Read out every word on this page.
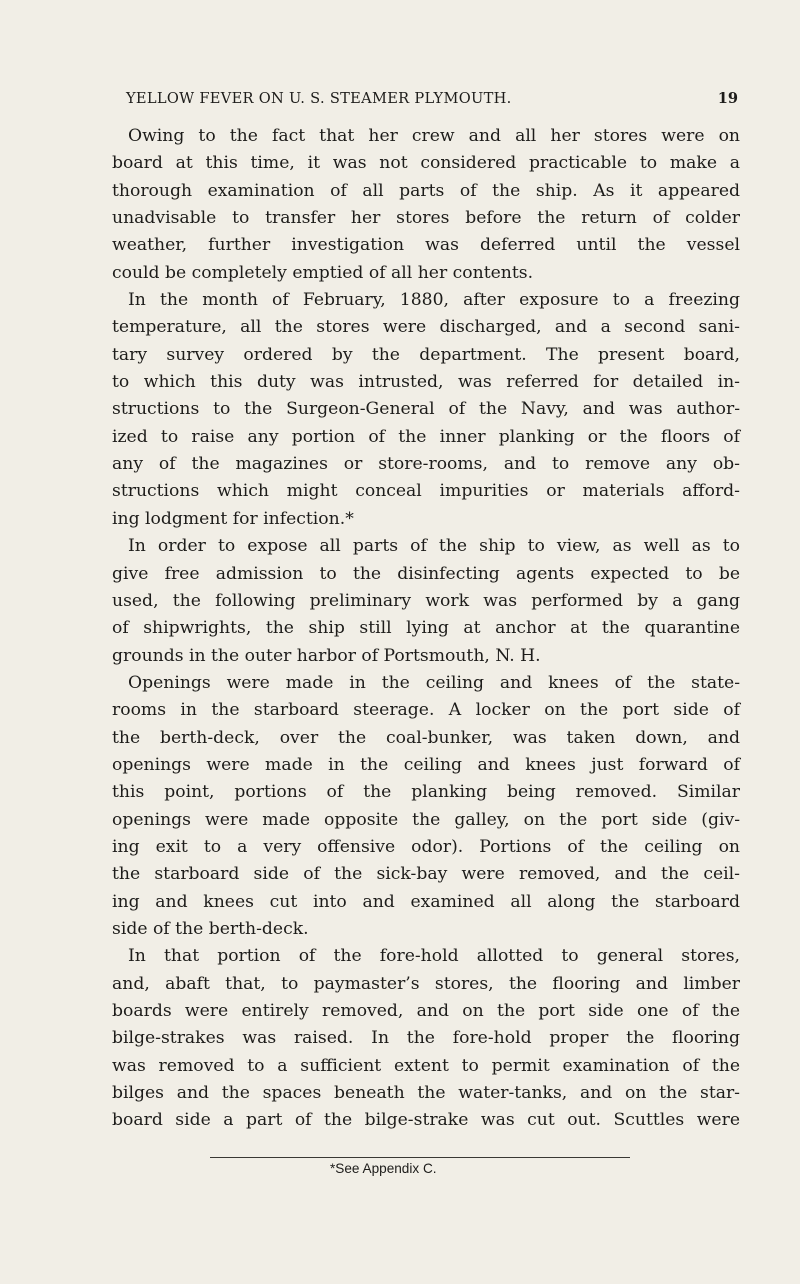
YELLOW FEVER ON U. S. STEAMER PLYMOUTH.	19
Owing to the fact that her crew and all her stores were on
board at this time, it was not considered practicable to make a
thorough examination of all parts of the ship. As it appeared
unadvisable to transfer her stores before the return of colder
weather, further investigation was deferred until the vessel
could be completely emptied of all her contents.
In the month of February, 1880, after exposure to a freezing
temperature, all the stores were discharged, and a second sani-
tary survey ordered by the department. The present board,
to which this duty was intrusted, was referred for detailed in-
structions to the Surgeon-General of the Navy, and was author-
ized to raise any portion of the inner planking or the floors of
any of the magazines or store-rooms, and to remove any ob-
structions which might conceal impurities or materials afford-
ing lodgment for infection.*
In order to expose all parts of the ship to view, as well as to
give free admission to the disinfecting agents expected to be
used, the following preliminary work was performed by a gang
of shipwrights, the ship still lying at anchor at the quarantine
grounds in the outer harbor of Portsmouth, N. H.
Openings were made in the ceiling and knees of the state-
rooms in the starboard steerage. A locker on the port side of
the berth-deck, over the coal-bunker, was taken down, and
openings were made in the ceiling and knees just forward of
this point, portions of the planking being removed. Similar
openings were made opposite the galley, on the port side (giv-
ing exit to a very offensive odor). Portions of the ceiling on
the starboard side of the sick-bay were removed, and the ceil-
ing and knees cut into and examined all along the starboard
side of the berth-deck.
In that portion of the fore-hold allotted to general stores,
and, abaft that, to paymaster’s stores, the flooring and limber
boards were entirely removed, and on the port side one of the
bilge-strakes was raised. In the fore-hold proper the flooring
was removed to a sufficient extent to permit examination of the
bilges and the spaces beneath the water-tanks, and on the star-
board side a part of the bilge-strake was cut out. Scuttles were
*See Appendix C.
